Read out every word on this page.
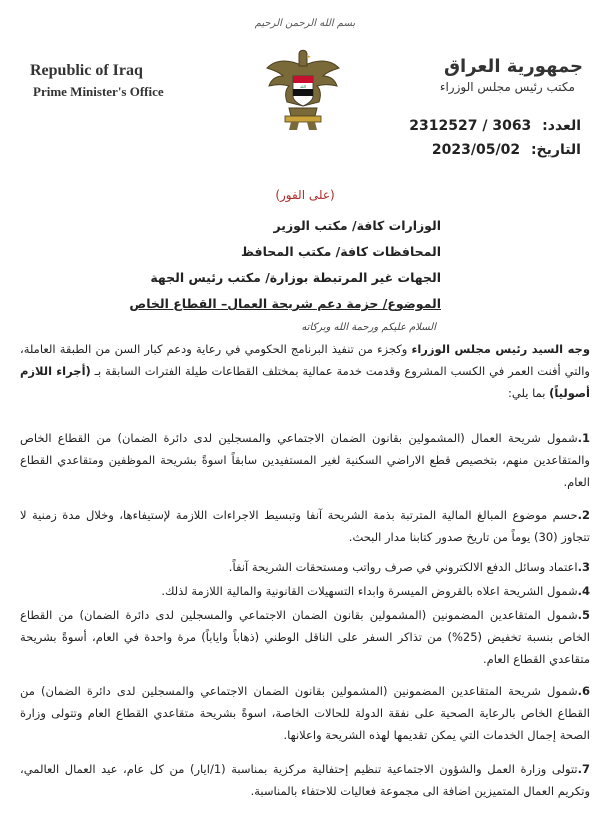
بسم الله الرحمن الرحيم
Republic of Iraq
Prime Minister's Office
جمهورية العراق
مكتب رئيس مجلس الوزراء
الله
العدد: 2312527 / 3063
التاريخ: 2023/05/02
(على الفور)
الوزارات كافة/ مكتب الوزير
المحافظات كافة/ مكتب المحافظ
الجهات غير المرتبطة بوزارة/ مكتب رئيس الجهة
الموضوع/ حزمة دعم شريحة العمال– القطاع الخاص
السلام عليكم ورحمة الله وبركاته
وجه السيد رئيس مجلس الوزراء وكجزء من تنفيذ البرنامج الحكومي في رعاية ودعم كبار السن من الطبقة العاملة، والتي أفنت العمر في الكسب المشروع وقدمت خدمة عمالية بمختلف القطاعات طيلة الفترات السابقة بـ (أجراء اللازم أصولياً) بما يلي:
1.شمول شريحة العمال (المشمولين بقانون الضمان الاجتماعي والمسجلين لدى دائرة الضمان) من القطاع الخاص والمتقاعدين منهم، بتخصيص قطع الاراضي السكنية لغير المستفيدين سابقاً اسوةً بشريحة الموظفين ومتقاعدي القطاع العام.
2.حسم موضوع المبالغ المالية المترتبة بذمة الشريحة آنفا وتبسيط الاجراءات اللازمة لإستيفاءها، وخلال مدة زمنية لا تتجاوز (30) يوماً من تاريخ صدور كتابنا مدار البحث.
3.اعتماد وسائل الدفع الالكتروني في صرف رواتب ومستحقات الشريحة آنفاً.
4.شمول الشريحة اعلاه بالقروض الميسرة وابداء التسهيلات القانونية والمالية اللازمة لذلك.
5.شمول المتقاعدين المضمونين (المشمولين بقانون الضمان الاجتماعي والمسجلين لدى دائرة الضمان) من القطاع الخاص بنسبة تخفيض (25%) من تذاكر السفر على الناقل الوطني (ذهاباً واياباً) مرة واحدة في العام، أسوةً بشريحة متقاعدي القطاع العام.
6.شمول شريحة المتقاعدين المضمونين (المشمولين بقانون الضمان الاجتماعي والمسجلين لدى دائرة الضمان) من القطاع الخاص بالرعاية الصحية على نفقة الدولة للحالات الخاصة، اسوةً بشريحة متقاعدي القطاع العام وتتولى وزارة الصحة إجمال الخدمات التي يمكن تقديمها لهذه الشريحة واعلانها.
7.تتولى وزارة العمل والشؤون الاجتماعية تنظيم إحتفالية مركزية بمناسبة (1/ايار) من كل عام، عيد العمال العالمي، وتكريم العمال المتميزين اضافة الى مجموعة فعاليات للاحتفاء بالمناسبة.
